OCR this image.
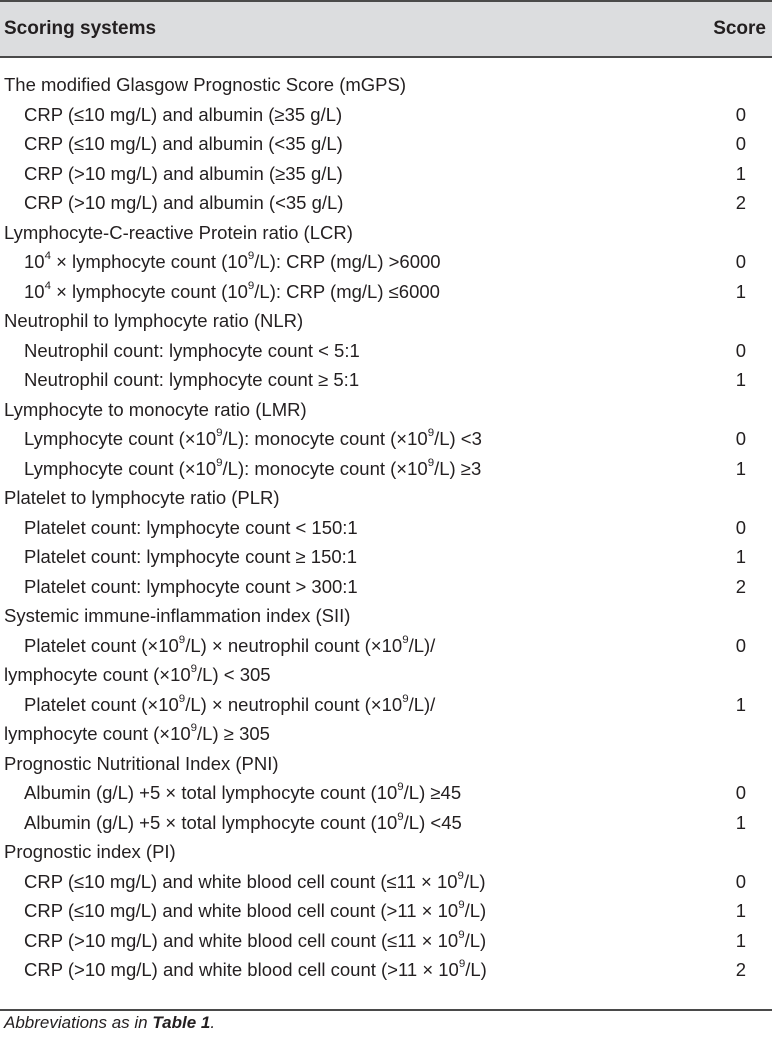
Scoring systems	Score
The modified Glasgow Prognostic Score (mGPS)
CRP (≤10 mg/L) and albumin (≥35 g/L)	0
CRP (≤10 mg/L) and albumin (<35 g/L)	0
CRP (>10 mg/L) and albumin (≥35 g/L)	1
CRP (>10 mg/L) and albumin (<35 g/L)	2
Lymphocyte-C-reactive Protein ratio (LCR)
$10^4$ × lymphocyte count $(10^9/L)$: CRP (mg/L) >6000	0
$10^4$ × lymphocyte count $(10^9/L)$: CRP (mg/L) ≤6000	1
Neutrophil to lymphocyte ratio (NLR)
Neutrophil count: lymphocyte count < 5:1	0
Neutrophil count: lymphocyte count ≥ 5:1	1
Lymphocyte to monocyte ratio (LMR)
Lymphocyte count $(\times 10^9/L)$: monocyte count $(\times 10^9/L) <3$	0
Lymphocyte count $(\times 10^9/L)$: monocyte count $(\times 10^9/L) \ge 3$	1
Platelet to lymphocyte ratio (PLR)
Platelet count: lymphocyte count < 150:1	0
Platelet count: lymphocyte count ≥ 150:1	1
Platelet count: lymphocyte count > 300:1	2
Systemic immune-inflammation index (SII)
Platelet count $(\times 10^9/L)$ × neutrophil count $(\times 10^9/L)/$	0
lymphocyte count $(\times 10^9/L) < 305$
Platelet count $(\times 10^9/L)$ × neutrophil count $(\times 10^9/L)/$	1
lymphocyte count $(\times 10^9/L) \ge 305$
Prognostic Nutritional Index (PNI)
Albumin (g/L) +5 × total lymphocyte count $(10^9/L) \ge 45$	0
Albumin (g/L) +5 × total lymphocyte count $(10^9/L) <45$	1
Prognostic index (PI)
CRP (≤10 mg/L) and white blood cell count $(\le 11 \times 10^9/L)$	0
CRP (≤10 mg/L) and white blood cell count $(>11 \times 10^9/L)$	1
CRP (>10 mg/L) and white blood cell count $(\le 11 \times 10^9/L)$	1
CRP (>10 mg/L) and white blood cell count $(>11 \times 10^9/L)$	2
Abbreviations as in Table 1.
